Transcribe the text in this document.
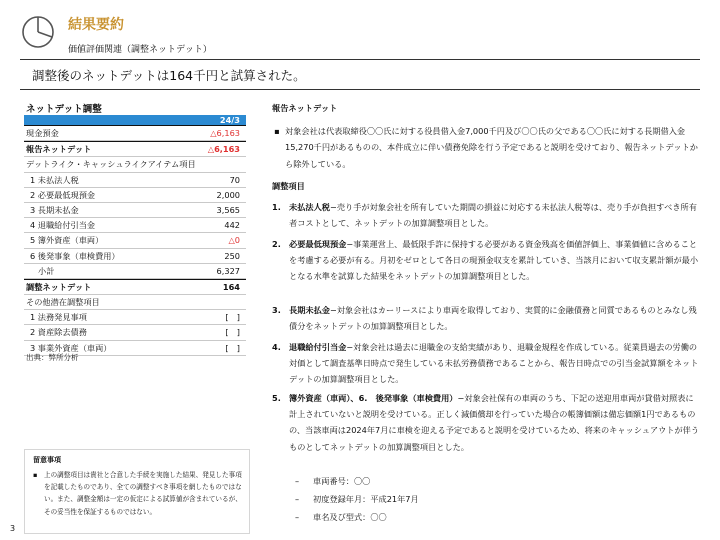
結果要約
価値評価関連（調整ネットデット）
調整後のネットデットは164千円と試算された。
ネットデット調整
24/3
現金預金	△6,163
報告ネットデット	△6,163
デットライク・キャッシュライクアイテム項目
1 未払法人税	70
2 必要最低現預金	2,000
3 長期未払金	3,565
4 退職給付引当金	442
5 簿外資産（車両）	△0
6 後発事象（車検費用）	250
小計	6,327
調整ネットデット	164
その他潜在調整項目
1 法務発見事項	[　]
2 資産除去債務	[　]
3 事業外資産（車両）	[　]
出典：弊所分析
留意事項
▪ 上の調整項目は貴社と合意した手続を実施した結果、発見した事項を記載したものであり、全ての調整すべき事項を網したものではない。また、調整金額は一定の仮定による試算値が含まれているが、その妥当性を保証するものではない。
3
報告ネットデット
▪ 対象会社は代表取締役〇〇氏に対する役員借入金7,000千円及び〇〇氏の父である〇〇氏に対する長期借入金15,270千円があるものの、本件成立に伴い債務免除を行う予定であると説明を受けており、報告ネットデットから除外している。
調整項目
1. 未払法人税−売り手が対象会社を所有していた期間の損益に対応する未払法人税等は、売り手が負担すべき所有者コストとして、ネットデットの加算調整項目とした。
2. 必要最低現預金−事業運営上、最低限手許に保持する必要がある資金残高を価値評価上、事業価値に含めることを考慮する必要が有る。月初をゼロとして各日の現預金収支を累計していき、当該月において収支累計額が最小となる水準を試算した結果をネットデットの加算調整項目とした。
3. 長期未払金−対象会社はカーリースにより車両を取得しており、実質的に金融債務と同質であるものとみなし残債分をネットデットの加算調整項目とした。
4. 退職給付引当金−対象会社は過去に退職金の支給実績があり、退職金規程を作成している。従業員過去の労働の対価として調査基準日時点で発生している未払労務債務であることから、報告日時点での引当金試算額をネットデットの加算調整項目とした。
5. 簿外資産（車両）、6.　後発事象（車検費用）−対象会社保有の車両のうち、下記の送迎用車両が貸借対照表に計上されていないと説明を受けている。正しく減価償却を行っていた場合の帳簿価額は備忘価額1円であるものの、当該車両は2024年7月に車検を迎える予定であると説明を受けているため、将来のキャッシュアウトが伴うものとしてネットデットの加算調整項目とした。
– 車両番号：〇〇
– 初度登録年月：平成21年7月
– 車名及び型式：〇〇
